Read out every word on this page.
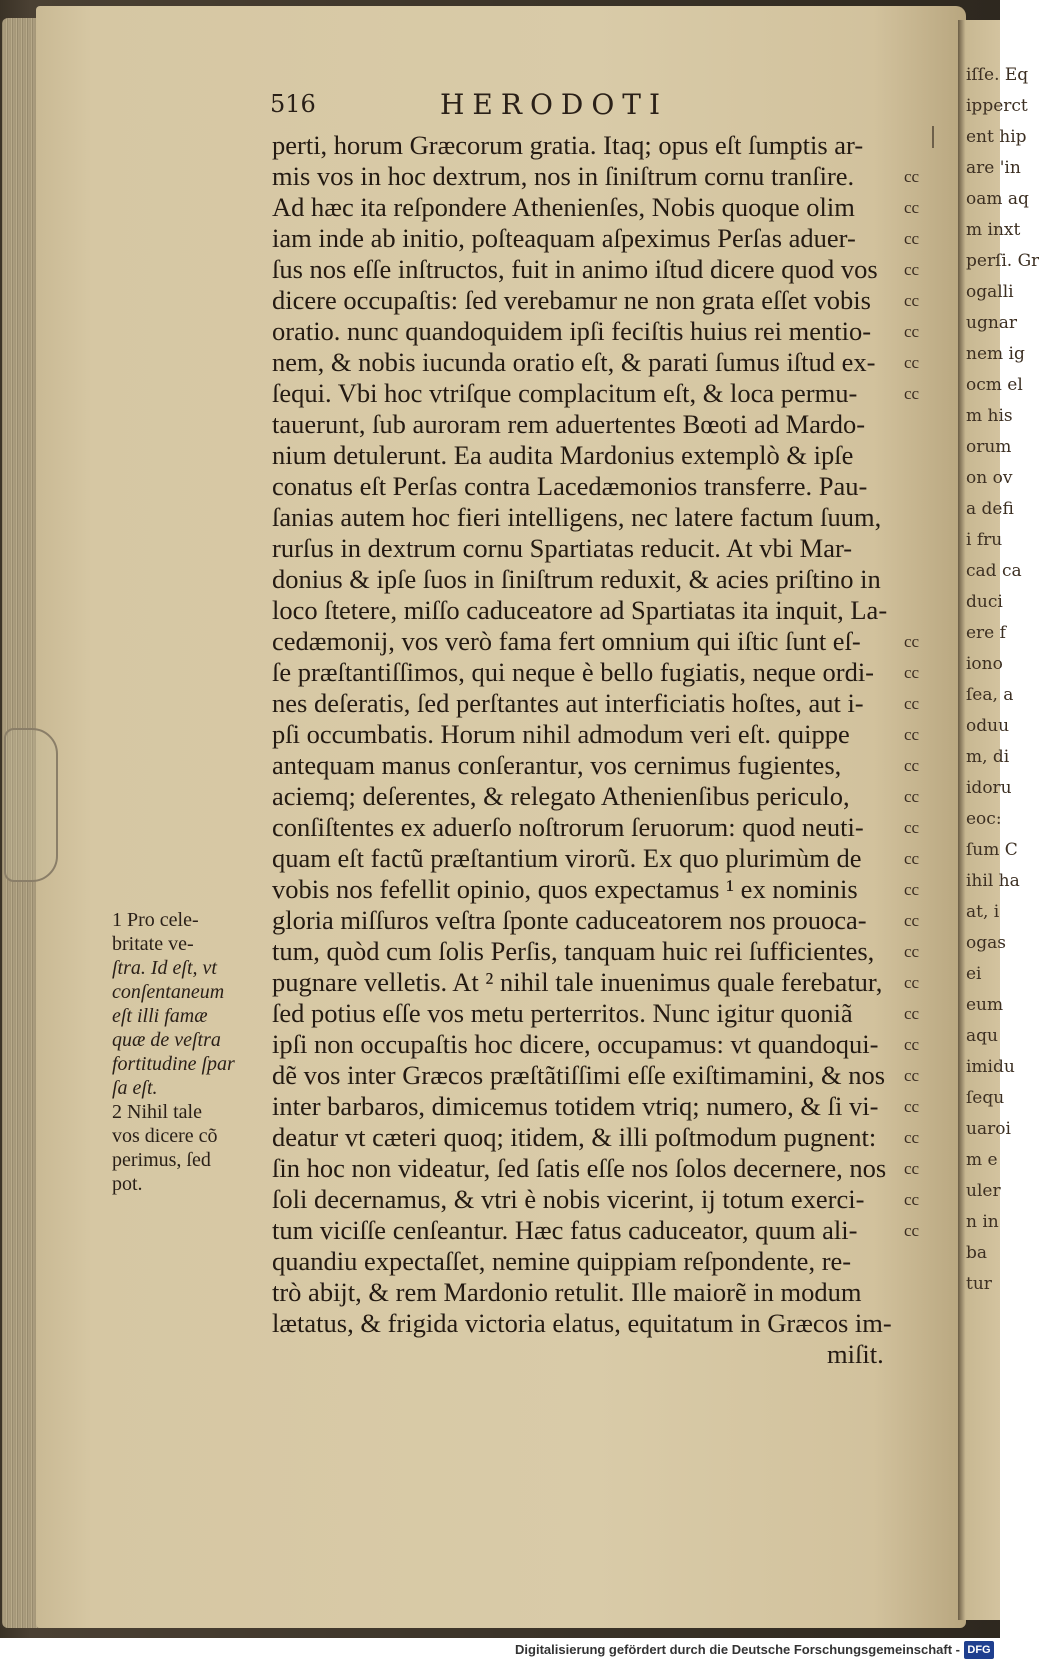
iſſe. Eq
ipperct
ent hip
are 'in
oam aq
m inxt
perſi. Gr
ogalli
ugnar
nem ig
ocm el
m his
orum
on ov
a defi
i fru
cad ca
duci
ere f
iono
ſea, a
oduu
m, di
idoru
eoc:
ſum C
ihil ha
at, i
ogas
ei
eum
aqu
imidu
ſequ
uaroi
m e
uler
n in
ba
tur
516	HERODOTI
perti, horum Græcorum gratia. Itaq; opus eſt ſumptis ar-
mis vos in hoc dextrum, nos in ſiniſtrum cornu tranſire.	cc
Ad hæc ita reſpondere Athenienſes, Nobis quoque olim	cc
iam inde ab initio, poſteaquam aſpeximus Perſas aduer-	cc
ſus nos eſſe inſtructos, fuit in animo iſtud dicere quod vos cc
dicere occupaſtis: ſed verebamur ne non grata eſſet vobis cc
oratio. nunc quandoquidem ipſi feciſtis huius rei mentio- cc
nem, & nobis iucunda oratio eſt, & parati ſumus iſtud ex- cc
ſequi. Vbi hoc vtriſque complacitum eſt, & loca permu-	cc
tauerunt, ſub auroram rem aduertentes Bœoti ad Mardo-
nium detulerunt. Ea audita Mardonius extemplò & ipſe
conatus eſt Perſas contra Lacedæmonios transferre. Pau-
ſanias autem hoc fieri intelligens, nec latere factum ſuum,
rurſus in dextrum cornu Spartiatas reducit. At vbi Mar-
donius & ipſe ſuos in ſiniſtrum reduxit, & acies priſtino in
loco ſtetere, miſſo caduceatore ad Spartiatas ita inquit, La-
cedæmonij, vos verò fama fert omnium qui iſtic ſunt eſ-	cc
ſe præſtantiſſimos, qui neque è bello fugiatis, neque ordi- cc
nes deſeratis, ſed perſtantes aut interficiatis hoſtes, aut i- cc
pſi occumbatis. Horum nihil admodum veri eſt. quippe	cc
antequam manus conſerantur, vos cernimus fugientes,	cc
aciemq; deſerentes, & relegato Athenienſibus periculo,	cc
conſiſtentes ex aduerſo noſtrorum ſeruorum: quod neuti- cc
quam eſt factũ præſtantium virorũ. Ex quo plurimùm de cc
vobis nos fefellit opinio, quos expectamus ¹ ex nominis	cc
gloria miſſuros veſtra ſponte caduceatorem nos prouoca- cc
tum, quòd cum ſolis Perſis, tanquam huic rei ſufficientes, cc
pugnare velletis. At ² nihil tale inuenimus quale ferebatur, cc
ſed potius eſſe vos metu perterritos. Nunc igitur quoniã	cc
ipſi non occupaſtis hoc dicere, occupamus: vt quandoqui- cc
dẽ vos inter Græcos præſtãtiſſimi eſſe exiſtimamini, & nos cc
inter barbaros, dimicemus totidem vtriq; numero, & ſi vi- cc
deatur vt cæteri quoq; itidem, & illi poſtmodum pugnent: cc
ſin hoc non videatur, ſed ſatis eſſe nos ſolos decernere, nos cc
ſoli decernamus, & vtri è nobis vicerint, ij totum exerci- cc
tum viciſſe cenſeantur. Hæc fatus caduceator, quum ali-	cc
quandiu expectaſſet, nemine quippiam reſpondente, re-
trò abijt, & rem Mardonio retulit. Ille maiorẽ in modum
lætatus, & frigida victoria elatus, equitatum in Græcos im-
miſit.
1 Pro cele-
britate ve-
ſtra. Id eſt, vt
conſentaneum
eſt illi famæ
quæ de veſtra
fortitudine ſpar
ſa eſt.
2 Nihil tale
vos dicere cõ
perimus, ſed
pot.
Digitalisierung gefördert durch die Deutsche Forschungsgemeinschaft - DFG
